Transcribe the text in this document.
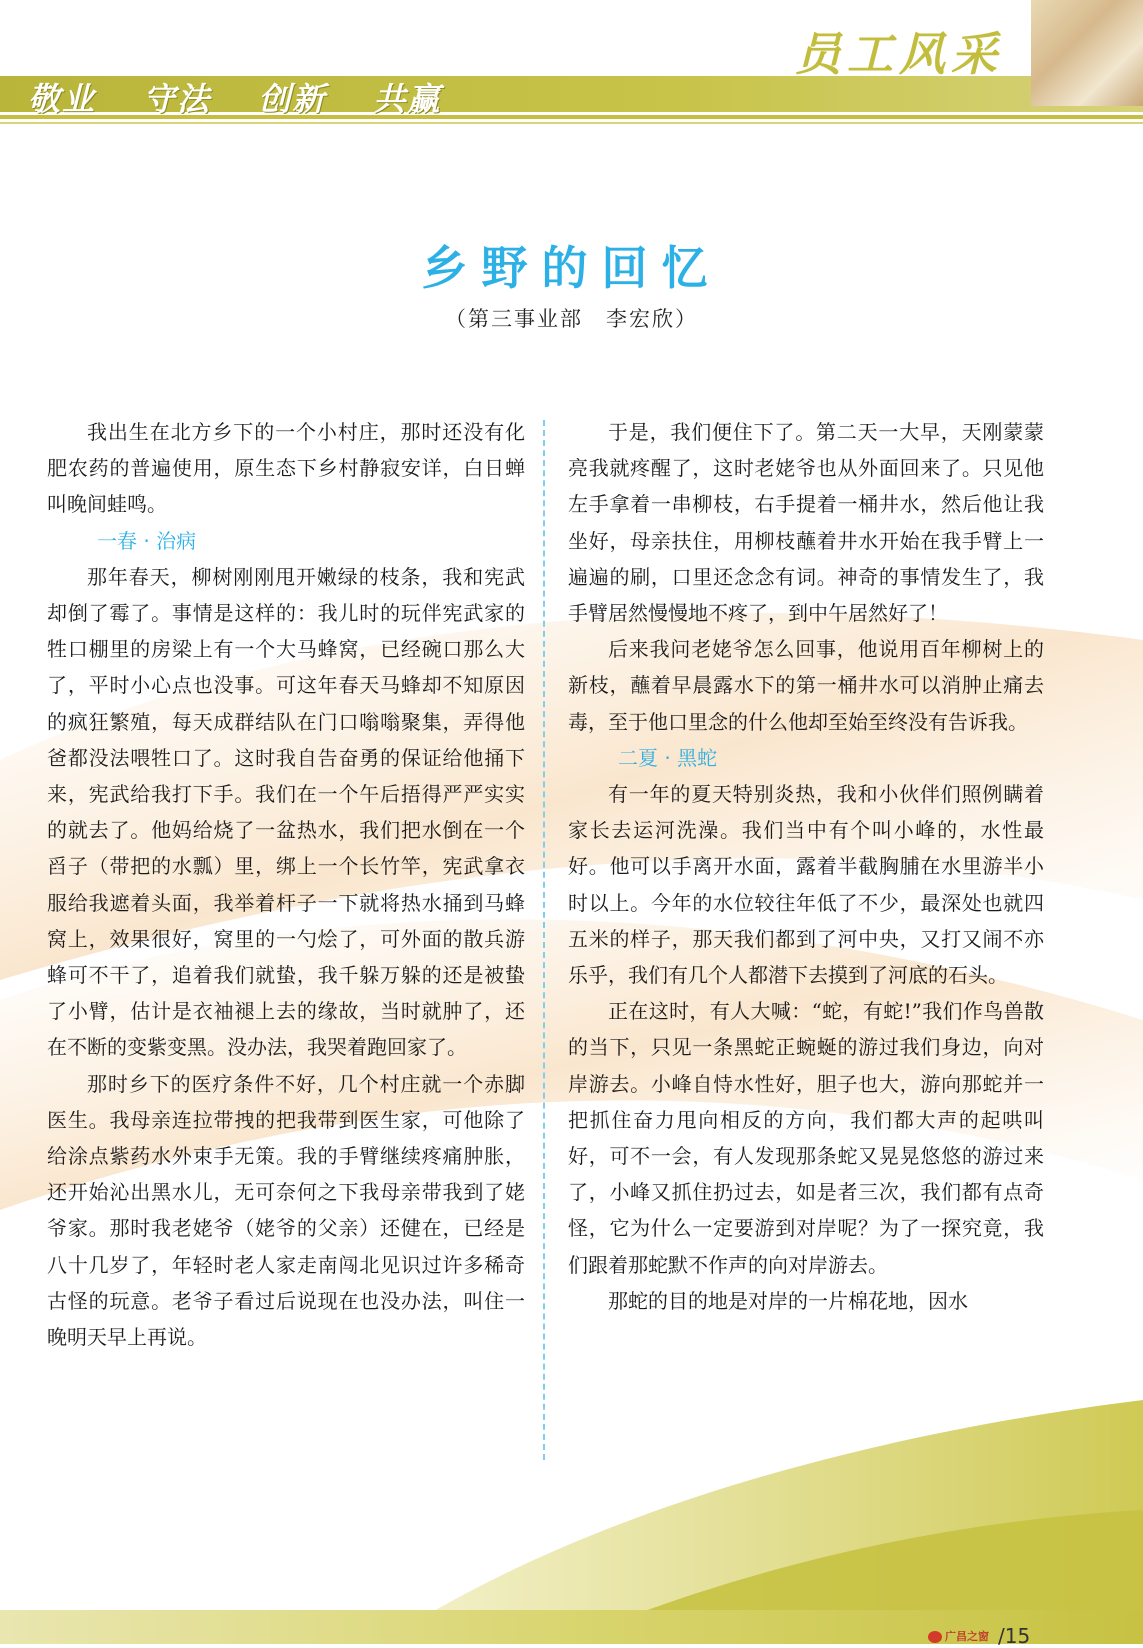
员工风采
敬业 守法 创新 共赢
乡野的回忆
（第三事业部　李宏欣）

我出生在北方乡下的一个小村庄，那时还没有化肥农药的普遍使用，原生态下乡村静寂安详，白日蝉叫晚间蛙鸣。

一春 · 治病

那年春天，柳树刚刚甩开嫩绿的枝条，我和宪武却倒了霉了。事情是这样的：我儿时的玩伴宪武家的牲口棚里的房梁上有一个大马蜂窝，已经碗口那么大了，平时小心点也没事。可这年春天马蜂却不知原因的疯狂繁殖，每天成群结队在门口嗡嗡聚集，弄得他爸都没法喂牲口了。这时我自告奋勇的保证给他捅下来，宪武给我打下手。我们在一个午后捂得严严实实的就去了。他妈给烧了一盆热水，我们把水倒在一个舀子（带把的水瓢）里，绑上一个长竹竿，宪武拿衣服给我遮着头面，我举着杆子一下就将热水捅到马蜂窝上，效果很好，窝里的一勺烩了，可外面的散兵游蜂可不干了，追着我们就蛰，我千躲万躲的还是被蛰了小臂，估计是衣袖褪上去的缘故，当时就肿了，还在不断的变紫变黑。没办法，我哭着跑回家了。

那时乡下的医疗条件不好，几个村庄就一个赤脚医生。我母亲连拉带拽的把我带到医生家，可他除了给涂点紫药水外束手无策。我的手臂继续疼痛肿胀，还开始沁出黑水儿，无可奈何之下我母亲带我到了姥爷家。那时我老姥爷（姥爷的父亲）还健在，已经是八十几岁了，年轻时老人家走南闯北见识过许多稀奇古怪的玩意。老爷子看过后说现在也没办法，叫住一晚明天早上再说。

于是，我们便住下了。第二天一大早，天刚蒙蒙亮我就疼醒了，这时老姥爷也从外面回来了。只见他左手拿着一串柳枝，右手提着一桶井水，然后他让我坐好，母亲扶住，用柳枝蘸着井水开始在我手臂上一遍遍的刷，口里还念念有词。神奇的事情发生了，我手臂居然慢慢地不疼了，到中午居然好了！

后来我问老姥爷怎么回事，他说用百年柳树上的新枝，蘸着早晨露水下的第一桶井水可以消肿止痛去毒，至于他口里念的什么他却至始至终没有告诉我。

二夏 · 黑蛇

有一年的夏天特别炎热，我和小伙伴们照例瞒着家长去运河洗澡。我们当中有个叫小峰的，水性最好。他可以手离开水面，露着半截胸脯在水里游半小时以上。今年的水位较往年低了不少，最深处也就四五米的样子，那天我们都到了河中央，又打又闹不亦乐乎，我们有几个人都潜下去摸到了河底的石头。

正在这时，有人大喊：“蛇，有蛇!”我们作鸟兽散的当下，只见一条黑蛇正蜿蜒的游过我们身边，向对岸游去。小峰自恃水性好，胆子也大，游向那蛇并一把抓住奋力甩向相反的方向，我们都大声的起哄叫好，可不一会，有人发现那条蛇又晃晃悠悠的游过来了，小峰又抓住扔过去，如是者三次，我们都有点奇怪，它为什么一定要游到对岸呢？为了一探究竟，我们跟着那蛇默不作声的向对岸游去。

那蛇的目的地是对岸的一片棉花地，因水

广昌之窗 /15
